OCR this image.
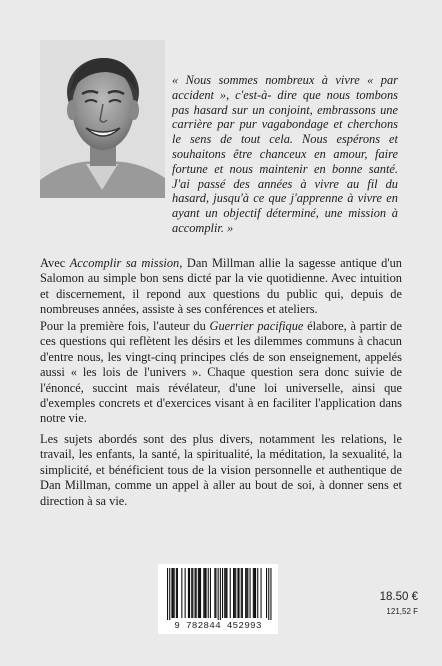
« Nous sommes nombreux à vivre « par accident », c'est-à- dire que nous tombons pas hasard sur un conjoint, embrassons une carrière par pur vagabondage et cherchons le sens de tout cela. Nous espérons et souhaitons être chanceux en amour, faire fortune et nous maintenir en bonne santé. J'ai passé des années à vivre au fil du hasard, jusqu'à ce que j'apprenne à vivre en ayant un objectif déterminé, une mission à accomplir. »

Avec Accomplir sa mission, Dan Millman allie la sagesse antique d'un Salomon au simple bon sens dicté par la vie quotidienne. Avec intuition et discernement, il repond aux questions du public qui, depuis de nombreuses années, assiste à ses conférences et ateliers.

Pour la première fois, l'auteur du Guerrier pacifique élabore, à partir de ces questions qui reflètent les désirs et les dilemmes communs à chacun d'entre nous, les vingt-cinq principes clés de son enseignement, appelés aussi « les lois de l'univers ». Chaque question sera donc suivie de l'énoncé, succint mais révélateur, d'une loi universelle, ainsi que d'exemples concrets et d'exercices visant à en faciliter l'application dans notre vie.

Les sujets abordés sont des plus divers, notamment les relations, le travail, les enfants, la santé, la spiritualité, la méditation, la sexualité, la simplicité, et bénéficient tous de la vision personnelle et authentique de Dan Millman, comme un appel à aller au bout de soi, à donner sens et direction à sa vie.

9 782844 452993
18.50 €
121,52 F
